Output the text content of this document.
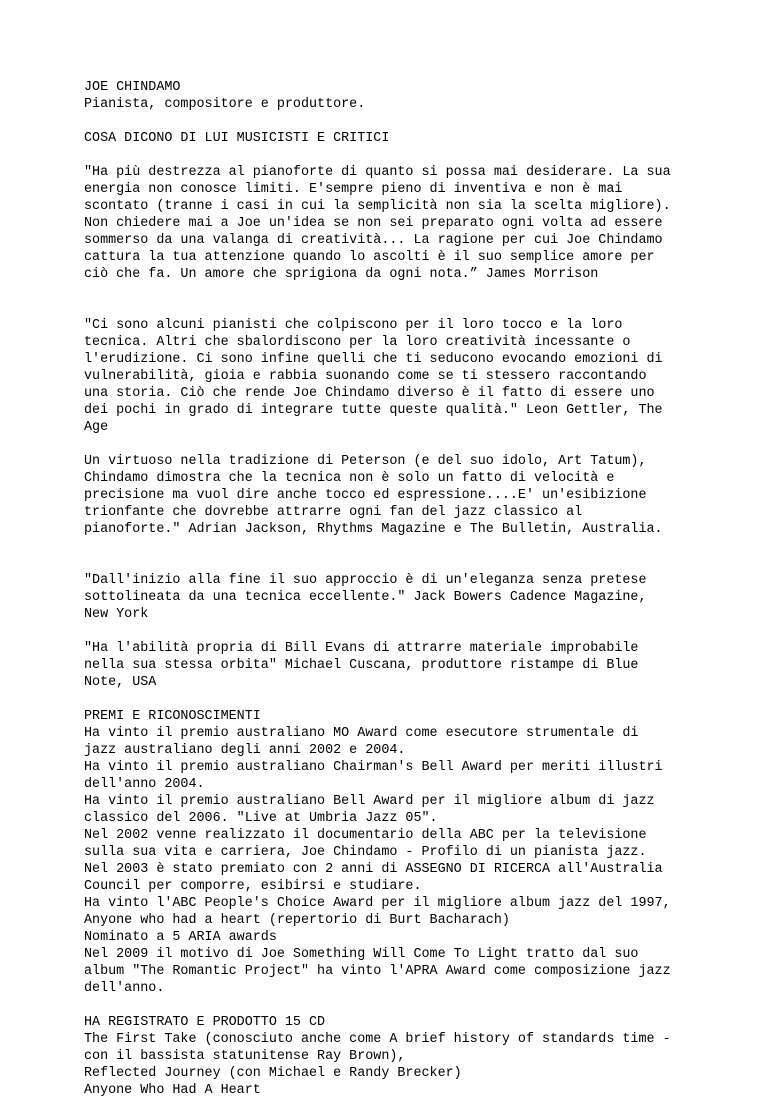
JOE CHINDAMO
Pianista, compositore e produttore.
COSA DICONO DI LUI MUSICISTI E CRITICI
"Ha più destrezza al pianoforte di quanto si possa mai desiderare. La sua
energia non conosce limiti. E'sempre pieno di inventiva e non è mai
scontato (tranne i casi in cui la semplicità non sia la scelta migliore).
Non chiedere mai a Joe un'idea se non sei preparato ogni volta ad essere
sommerso da una valanga di creatività... La ragione per cui Joe Chindamo
cattura la tua attenzione quando lo ascolti è il suo semplice amore per
ciò che fa. Un amore che sprigiona da ogni nota.” James Morrison
"Ci sono alcuni pianisti che colpiscono per il loro tocco e la loro
tecnica. Altri che sbalordiscono per la loro creatività incessante o
l'erudizione. Ci sono infine quelli che ti seducono evocando emozioni di
vulnerabilità, gioia e rabbia suonando come se ti stessero raccontando
una storia. Ciò che rende Joe Chindamo diverso è il fatto di essere uno
dei pochi in grado di integrare tutte queste qualità." Leon Gettler, The
Age
Un virtuoso nella tradizione di Peterson (e del suo idolo, Art Tatum),
Chindamo dimostra che la tecnica non è solo un fatto di velocità e
precisione ma vuol dire anche tocco ed espressione....E' un'esibizione
trionfante che dovrebbe attrarre ogni fan del jazz classico al
pianoforte." Adrian Jackson, Rhythms Magazine e The Bulletin, Australia.
"Dall'inizio alla fine il suo approccio è di un'eleganza senza pretese
sottolineata da una tecnica eccellente." Jack Bowers Cadence Magazine,
New York
"Ha l'abilità propria di Bill Evans di attrarre materiale improbabile
nella sua stessa orbita" Michael Cuscana, produttore ristampe di Blue
Note, USA
PREMI E RICONOSCIMENTI
Ha vinto il premio australiano MO Award come esecutore strumentale di
jazz australiano degli anni 2002 e 2004.
Ha vinto il premio australiano Chairman's Bell Award per meriti illustri
dell'anno 2004.
Ha vinto il premio australiano Bell Award per il migliore album di jazz
classico del 2006. "Live at Umbria Jazz 05".
Nel 2002 venne realizzato il documentario della ABC per la televisione
sulla sua vita e carriera, Joe Chindamo - Profilo di un pianista jazz.
Nel 2003 è stato premiato con 2 anni di ASSEGNO DI RICERCA all'Australia
Council per comporre, esibirsi e studiare.
Ha vinto l'ABC People's Choice Award per il migliore album jazz del 1997,
Anyone who had a heart (repertorio di Burt Bacharach)
Nominato a 5 ARIA awards
Nel 2009 il motivo di Joe Something Will Come To Light tratto dal suo
album "The Romantic Project" ha vinto l'APRA Award come composizione jazz
dell'anno.
HA REGISTRATO E PRODOTTO 15 CD
The First Take (conosciuto anche come A brief history of standards time -
con il bassista statunitense Ray Brown),
Reflected Journey (con Michael e Randy Brecker)
Anyone Who Had A Heart
